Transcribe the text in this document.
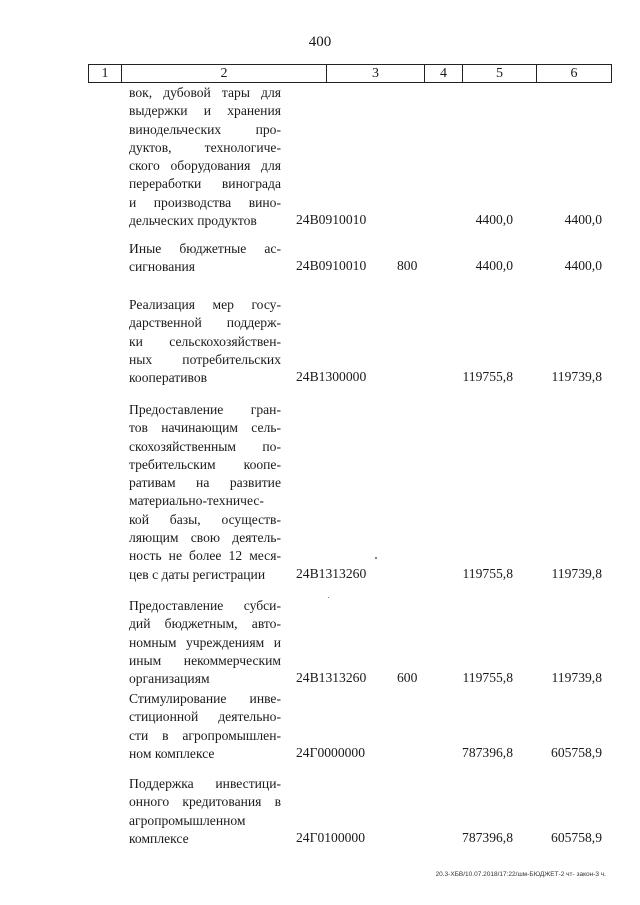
400
1	2	3	4	5	6
вок, дубовой тары для
выдержки и хранения
винодельческих про-
дуктов, технологиче-
ского оборудования для
переработки винограда
и производства вино-
дельческих продуктов	24В0910010	4400,0	4400,0
Иные бюджетные ас-
сигнования	24В0910010 800	4400,0	4400,0
Реализация мер госу-
дарственной поддерж-
ки сельскохозяйствен-
ных потребительских
кооперативов	24В1300000	119755,8	119739,8
Предоставление гран-
тов начинающим сель-
скохозяйственным по-
требительским коопе-
ративам на развитие
материально-техничес-
кой базы, осуществ-
ляющим свою деятель-
ность не более 12 меся-
цев с даты регистрации	24В1313260	119755,8	119739,8
Предоставление субси-
дий бюджетным, авто-
номным учреждениям и
иным некоммерческим
организациям	24В1313260 600	119755,8	119739,8
Стимулирование инве-
стиционной деятельно-
сти в агропромышлен-
ном комплексе	24Г0000000	787396,8	605758,9
Поддержка инвестици-
онного кредитования в
агропромышленном
комплексе	24Г0100000	787396,8	605758,9
20.3-ХБВ/10.07.2018/17:22/шм-БЮДЖЕТ-2 чт- закон-3 ч.
